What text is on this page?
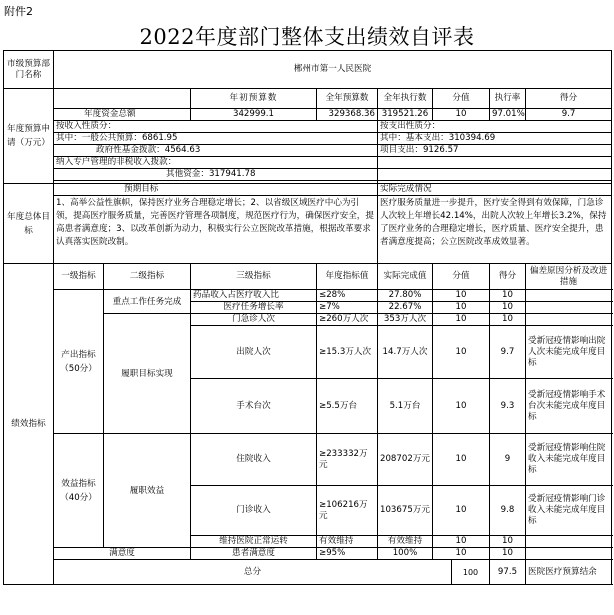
附件2
2022年度部门整体支出绩效自评表
市级预算部门名称	郴州市第一人民医院								
年度预算申请（万元）			年初预算数	全年预算数	全年执行数	分值		执行率	得分
	年度资金总额		342999.1	329368.36	319521.26	10		97.01%	9.7
	按收入性质分：				按支出性质分：				
	其中：一般公共预算：6861.95				其中：基本支出：310394.69				
	政府性基金拨款：4564.63				项目支出：9126.57				
	纳入专户管理的非税收入拨款：								
	其他资金：317941.78								

年度总体目标	预期目标				实际完成情况				
	1、高举公益性旗帜，保持医疗业务合理稳定增长；2、以省级区域医疗中心为引领，提高医疗服务质量，完善医疗管理各项制度，规范医疗行为，确保医疗安全，提高患者满意度；3、以改革创新为动力，积极实行公立医院改革措施，根据改革要求认真落实医院改制。				医疗服务质量进一步提升，医疗安全得到有效保障，门急诊人次较上年增长42.14%，出院人次较上年增长3.2%，保持了医疗业务的合理稳定增长，医疗质量、医疗安全提升，患者满意度提高；公立医院改革成效显著。				
绩效指标	一级指标	二级指标	三级指标	年度指标值	实际完成值	分值		得分	偏差原因分析及改进措施
	产出指标（50分）	重点工作任务完成	药品收入占医疗收入比	≤28%	27.80%	10		10	
			医疗任务增长率	≥7%	22.67%	10		10	
		履职目标实现	门急诊人次	≥260万人次	353万人次	10		10	
			出院人次	≥15.3万人次	14.7万人次	10		9.7	受新冠疫情影响出院人次未能完成年度目标
			手术台次	≥5.5万台	5.1万台	10		9.3	受新冠疫情影响手术台次未能完成年度目标
	效益指标（40分）	履职效益	住院收入	≥233332万元	208702万元	10		9	受新冠疫情影响住院收入未能完成年度目标
			门诊收入	≥106216万元	103675万元	10		9.8	受新冠疫情影响门诊收入未能完成年度目标
			维持医院正常运转	有效维持	有效维持	10		10	
	满意度		患者满意度	≥95%	100%	10		10	
	总分						100	97.5	医院医疗预算结余
